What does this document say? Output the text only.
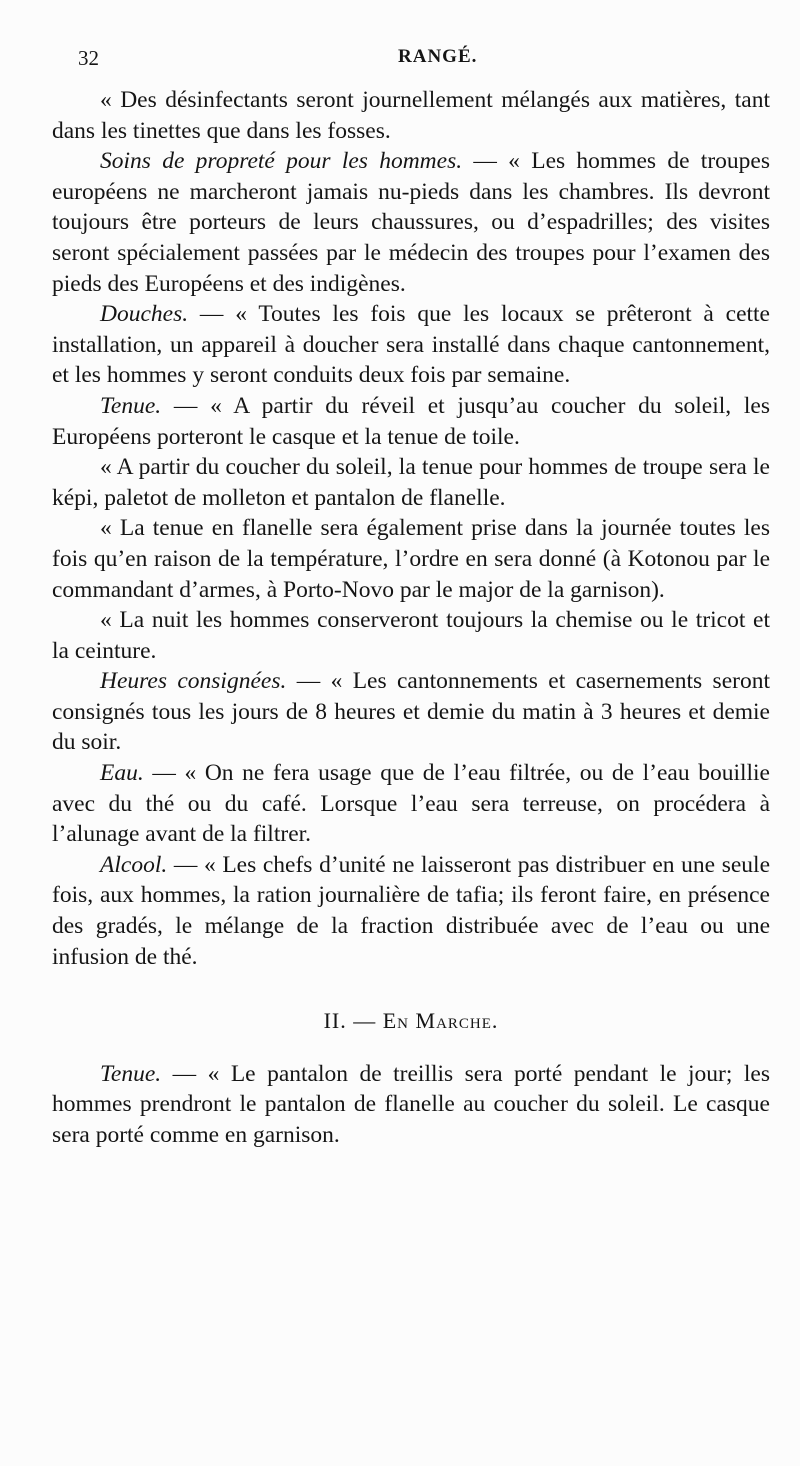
32	RANGÉ.

« Des désinfectants seront journellement mélangés aux matières, tant dans les tinettes que dans les fosses.

Soins de propreté pour les hommes. — « Les hommes de troupes européens ne marcheront jamais nu-pieds dans les chambres. Ils devront toujours être porteurs de leurs chaussures, ou d’espadrilles; des visites seront spécialement passées par le médecin des troupes pour l’examen des pieds des Européens et des indigènes.

Douches. — « Toutes les fois que les locaux se prêteront à cette installation, un appareil à doucher sera installé dans chaque cantonnement, et les hommes y seront conduits deux fois par semaine.

Tenue. — « A partir du réveil et jusqu’au coucher du soleil, les Européens porteront le casque et la tenue de toile.

« A partir du coucher du soleil, la tenue pour hommes de troupe sera le képi, paletot de molleton et pantalon de flanelle.

« La tenue en flanelle sera également prise dans la journée toutes les fois qu’en raison de la température, l’ordre en sera donné (à Kotonou par le commandant d’armes, à Porto-Novo par le major de la garnison).

« La nuit les hommes conserveront toujours la chemise ou le tricot et la ceinture.

Heures consignées. — « Les cantonnements et casernements seront consignés tous les jours de 8 heures et demie du matin à 3 heures et demie du soir.

Eau. — « On ne fera usage que de l’eau filtrée, ou de l’eau bouillie avec du thé ou du café. Lorsque l’eau sera terreuse, on procédera à l’alunage avant de la filtrer.

Alcool. — « Les chefs d’unité ne laisseront pas distribuer en une seule fois, aux hommes, la ration journalière de tafia; ils feront faire, en présence des gradés, le mélange de la fraction distribuée avec de l’eau ou une infusion de thé.

II. — En Marche.

Tenue. — « Le pantalon de treillis sera porté pendant le jour; les hommes prendront le pantalon de flanelle au coucher du soleil. Le casque sera porté comme en garnison.
